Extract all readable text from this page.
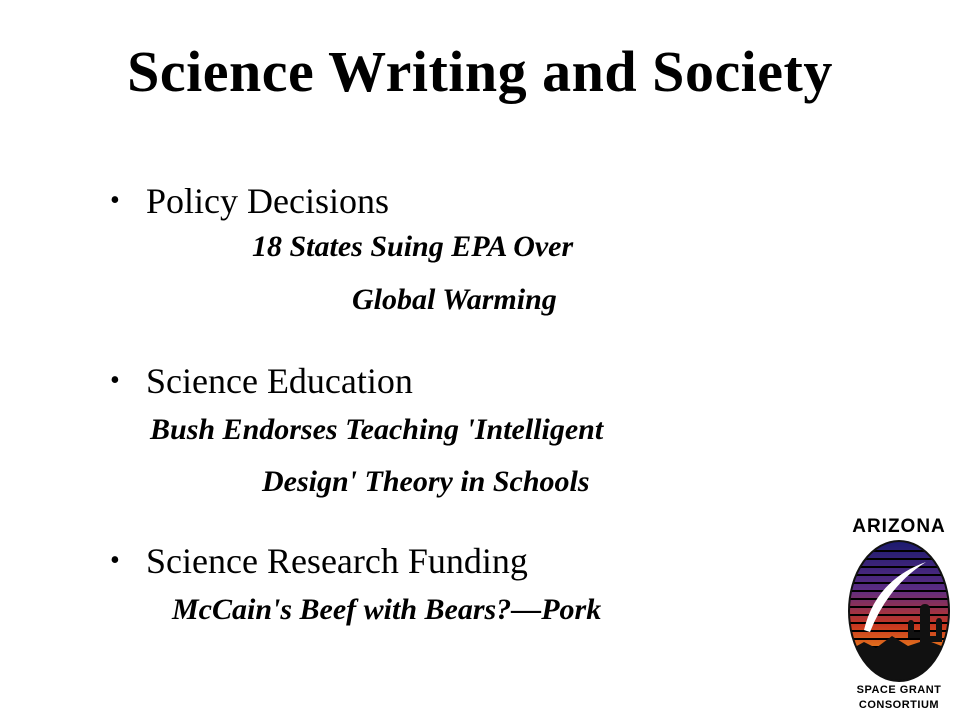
Science Writing and Society
• Policy Decisions
18 States Suing EPA Over
Global Warming
• Science Education
Bush Endorses Teaching 'Intelligent
Design' Theory in Schools
• Science Research Funding
McCain's Beef with Bears?—Pork
ARIZONA
SPACE GRANT
CONSORTIUM
